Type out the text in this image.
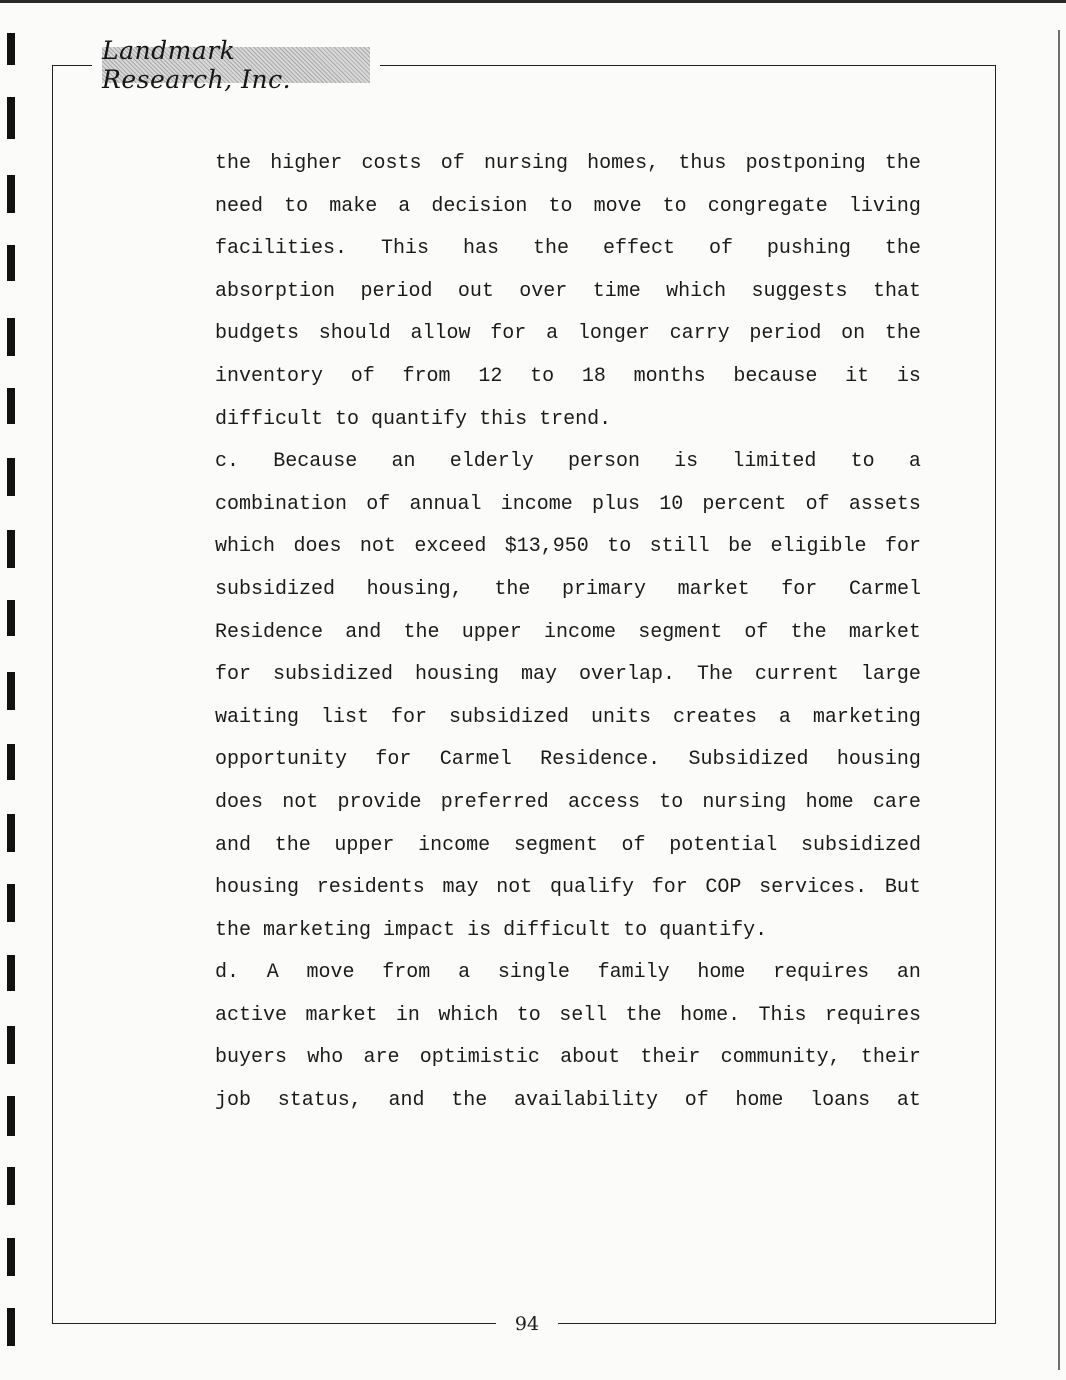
Landmark Research, Inc.
the higher costs of nursing homes, thus postponing the
need to make a decision to move to congregate living
facilities. This has the effect of pushing the
absorption period out over time which suggests that
budgets should allow for a longer carry period on the
inventory of from 12 to 18 months because it is
difficult to quantify this trend.
c. Because an elderly person is limited to a
combination of annual income plus 10 percent of assets
which does not exceed $13,950 to still be eligible for
subsidized housing, the primary market for Carmel
Residence and the upper income segment of the market
for subsidized housing may overlap. The current large
waiting list for subsidized units creates a marketing
opportunity for Carmel Residence. Subsidized housing
does not provide preferred access to nursing home care
and the upper income segment of potential subsidized
housing residents may not qualify for COP services. But
the marketing impact is difficult to quantify.
d. A move from a single family home requires an
active market in which to sell the home. This requires
buyers who are optimistic about their community, their
job status, and the availability of home loans at
94
